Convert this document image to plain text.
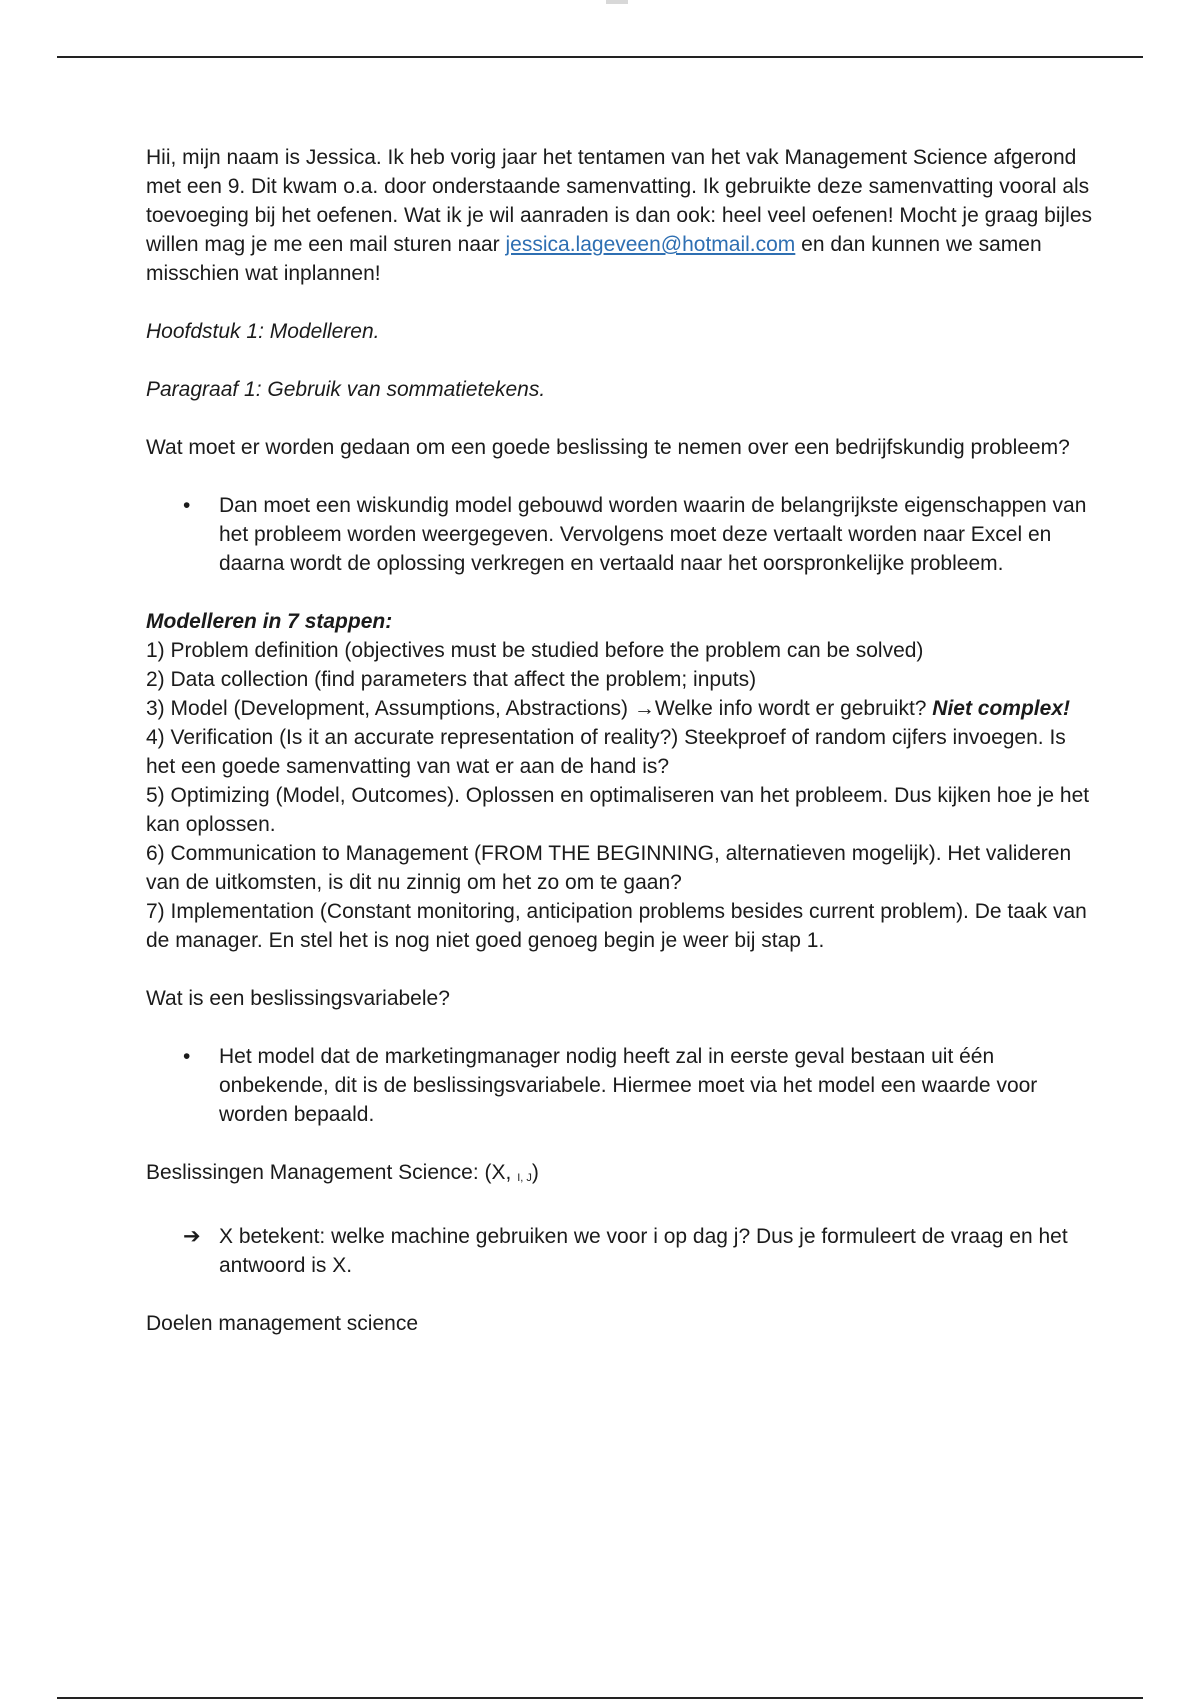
Hii, mijn naam is Jessica. Ik heb vorig jaar het tentamen van het vak Management Science afgerond met een 9. Dit kwam o.a. door onderstaande samenvatting. Ik gebruikte deze samenvatting vooral als toevoeging bij het oefenen. Wat ik je wil aanraden is dan ook: heel veel oefenen! Mocht je graag bijles willen mag je me een mail sturen naar jessica.lageveen@hotmail.com en dan kunnen we samen misschien wat inplannen!

Hoofdstuk 1: Modelleren.

Paragraaf 1: Gebruik van sommatietekens.

Wat moet er worden gedaan om een goede beslissing te nemen over een bedrijfskundig probleem?

•	Dan moet een wiskundig model gebouwd worden waarin de belangrijkste eigenschappen van het probleem worden weergegeven. Vervolgens moet deze vertaalt worden naar Excel en daarna wordt de oplossing verkregen en vertaald naar het oorspronkelijke probleem.

Modelleren in 7 stappen:

1) Problem definition (objectives must be studied before the problem can be solved)

2) Data collection (find parameters that affect the problem; inputs)

3) Model (Development, Assumptions, Abstractions) →Welke info wordt er gebruikt? Niet complex!

4) Verification (Is it an accurate representation of reality?) Steekproef of random cijfers invoegen. Is het een goede samenvatting van wat er aan de hand is?

5) Optimizing (Model, Outcomes). Oplossen en optimaliseren van het probleem. Dus kijken hoe je het kan oplossen.

6) Communication to Management (FROM THE BEGINNING, alternatieven mogelijk). Het valideren van de uitkomsten, is dit nu zinnig om het zo om te gaan?

7) Implementation (Constant monitoring, anticipation problems besides current problem). De taak van de manager. En stel het is nog niet goed genoeg begin je weer bij stap 1.

Wat is een beslissingsvariabele?

•	Het model dat de marketingmanager nodig heeft zal in eerste geval bestaan uit één onbekende, dit is de beslissingsvariabele. Hiermee moet via het model een waarde voor worden bepaald.

Beslissingen Management Science: (X, I, J)

➔ X betekent: welke machine gebruiken we voor i op dag j? Dus je formuleert de vraag en het antwoord is X.

Doelen management science
